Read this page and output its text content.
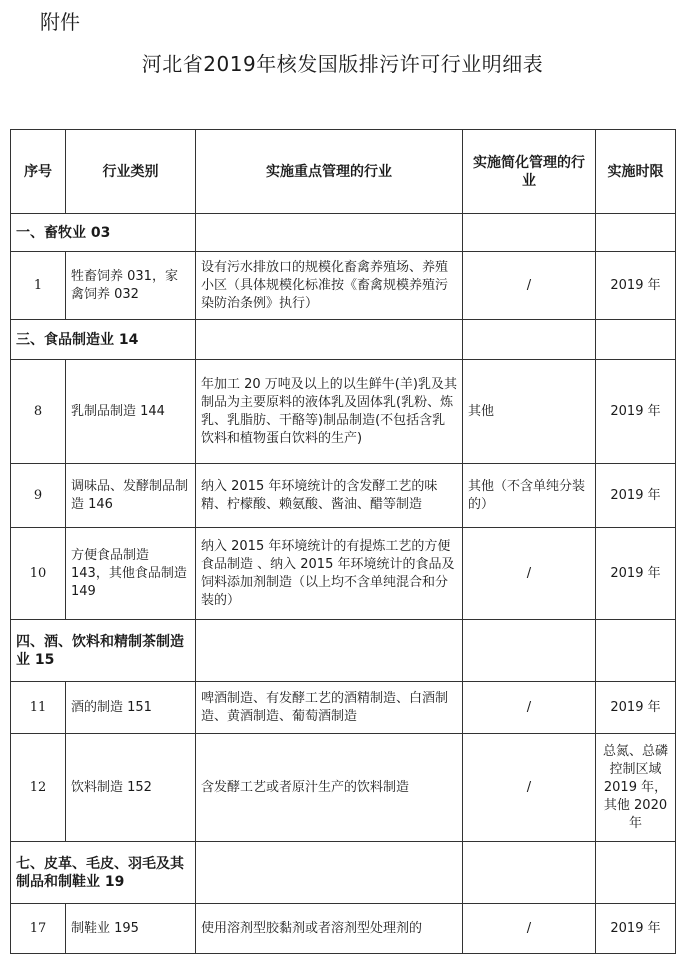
附件
河北省2019年核发国版排污许可行业明细表
序号	行业类别	实施重点管理的行业	实施简化管理的行业	实施时限
一、畜牧业 03				
1	牲畜饲养 031，家禽饲养 032	设有污水排放口的规模化畜禽养殖场、养殖小区（具体规模化标准按《畜禽规模养殖污染防治条例》执行）	/	2019 年
三、食品制造业 14				
8	乳制品制造 144	年加工 20 万吨及以上的以生鲜牛(羊)乳及其制品为主要原料的液体乳及固体乳(乳粉、炼乳、乳脂肪、干酪等)制品制造(不包括含乳饮料和植物蛋白饮料的生产)	其他	2019 年
9	调味品、发酵制品制造 146	纳入 2015 年环境统计的含发酵工艺的味精、柠檬酸、赖氨酸、酱油、醋等制造	其他（不含单纯分装的）	2019 年
10	方便食品制造 143，其他食品制造 149	纳入 2015 年环境统计的有提炼工艺的方便食品制造 、纳入 2015 年环境统计的食品及饲料添加剂制造（以上均不含单纯混合和分装的）	/	2019 年
四、酒、饮料和精制茶制造业 15				
11	酒的制造 151	啤酒制造、有发酵工艺的酒精制造、白酒制造、黄酒制造、葡萄酒制造	/	2019 年
12	饮料制造 152	含发酵工艺或者原汁生产的饮料制造	/	总氮、总磷控制区域 2019 年，其他 2020 年
七、皮革、毛皮、羽毛及其制品和制鞋业 19				
17	制鞋业 195	使用溶剂型胶黏剂或者溶剂型处理剂的	/	2019 年
